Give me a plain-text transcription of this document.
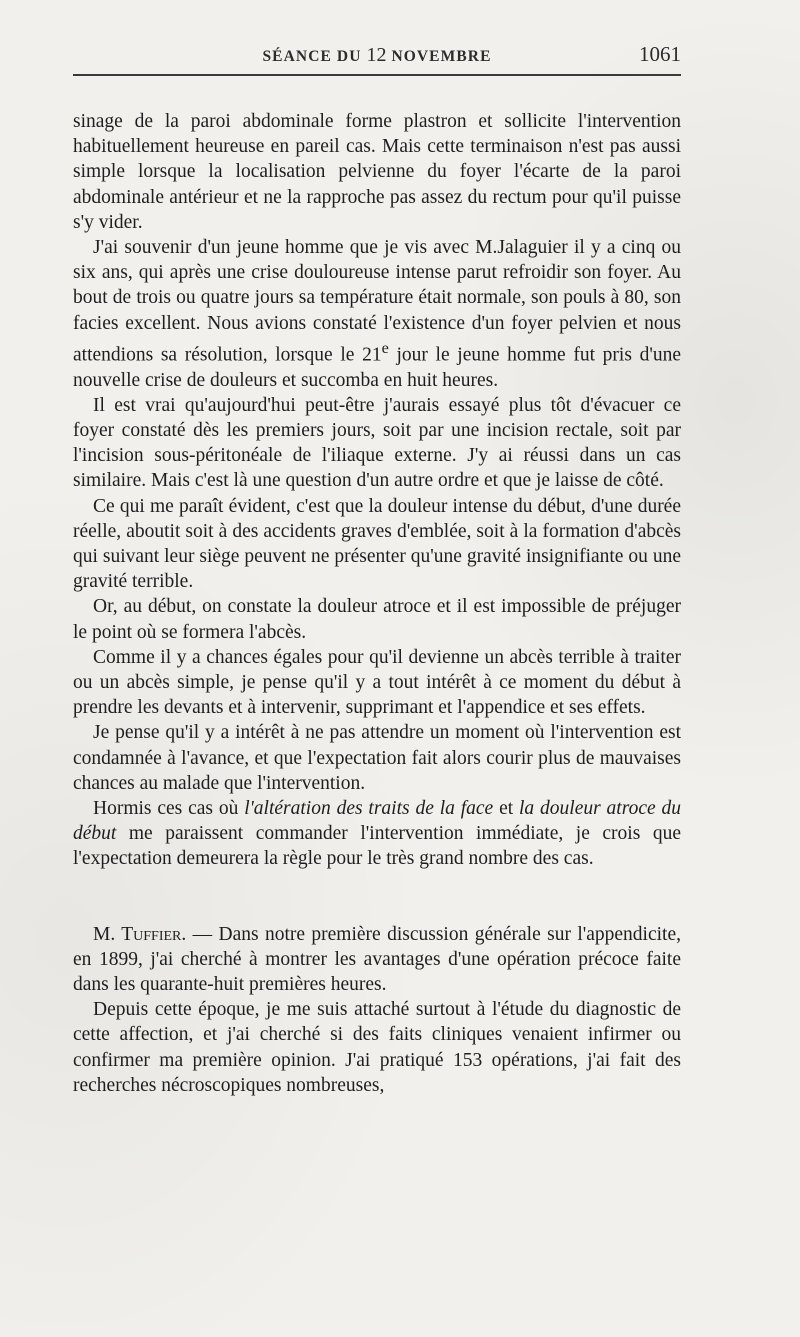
SÉANCE DU 12 NOVEMBRE	1061

sinage de la paroi abdominale forme plastron et sollicite l'intervention habituellement heureuse en pareil cas. Mais cette terminaison n'est pas aussi simple lorsque la localisation pelvienne du foyer l'écarte de la paroi abdominale antérieur et ne la rapproche pas assez du rectum pour qu'il puisse s'y vider.

J'ai souvenir d'un jeune homme que je vis avec M.Jalaguier il y a cinq ou six ans, qui après une crise douloureuse intense parut refroidir son foyer. Au bout de trois ou quatre jours sa température était normale, son pouls à 80, son facies excellent. Nous avions constaté l'existence d'un foyer pelvien et nous attendions sa résolution, lorsque le 21e jour le jeune homme fut pris d'une nouvelle crise de douleurs et succomba en huit heures.

Il est vrai qu'aujourd'hui peut-être j'aurais essayé plus tôt d'évacuer ce foyer constaté dès les premiers jours, soit par une incision rectale, soit par l'incision sous-péritonéale de l'iliaque externe. J'y ai réussi dans un cas similaire. Mais c'est là une question d'un autre ordre et que je laisse de côté.

Ce qui me paraît évident, c'est que la douleur intense du début, d'une durée réelle, aboutit soit à des accidents graves d'emblée, soit à la formation d'abcès qui suivant leur siège peuvent ne présenter qu'une gravité insignifiante ou une gravité terrible.

Or, au début, on constate la douleur atroce et il est impossible de préjuger le point où se formera l'abcès.

Comme il y a chances égales pour qu'il devienne un abcès terrible à traiter ou un abcès simple, je pense qu'il y a tout intérêt à ce moment du début à prendre les devants et à intervenir, supprimant et l'appendice et ses effets.

Je pense qu'il y a intérêt à ne pas attendre un moment où l'intervention est condamnée à l'avance, et que l'expectation fait alors courir plus de mauvaises chances au malade que l'intervention.

Hormis ces cas où l'altération des traits de la face et la douleur atroce du début me paraissent commander l'intervention immédiate, je crois que l'expectation demeurera la règle pour le très grand nombre des cas.

M. Tuffier. — Dans notre première discussion générale sur l'appendicite, en 1899, j'ai cherché à montrer les avantages d'une opération précoce faite dans les quarante-huit premières heures.

Depuis cette époque, je me suis attaché surtout à l'étude du diagnostic de cette affection, et j'ai cherché si des faits cliniques venaient infirmer ou confirmer ma première opinion. J'ai pratiqué 153 opérations, j'ai fait des recherches nécroscopiques nombreuses,
